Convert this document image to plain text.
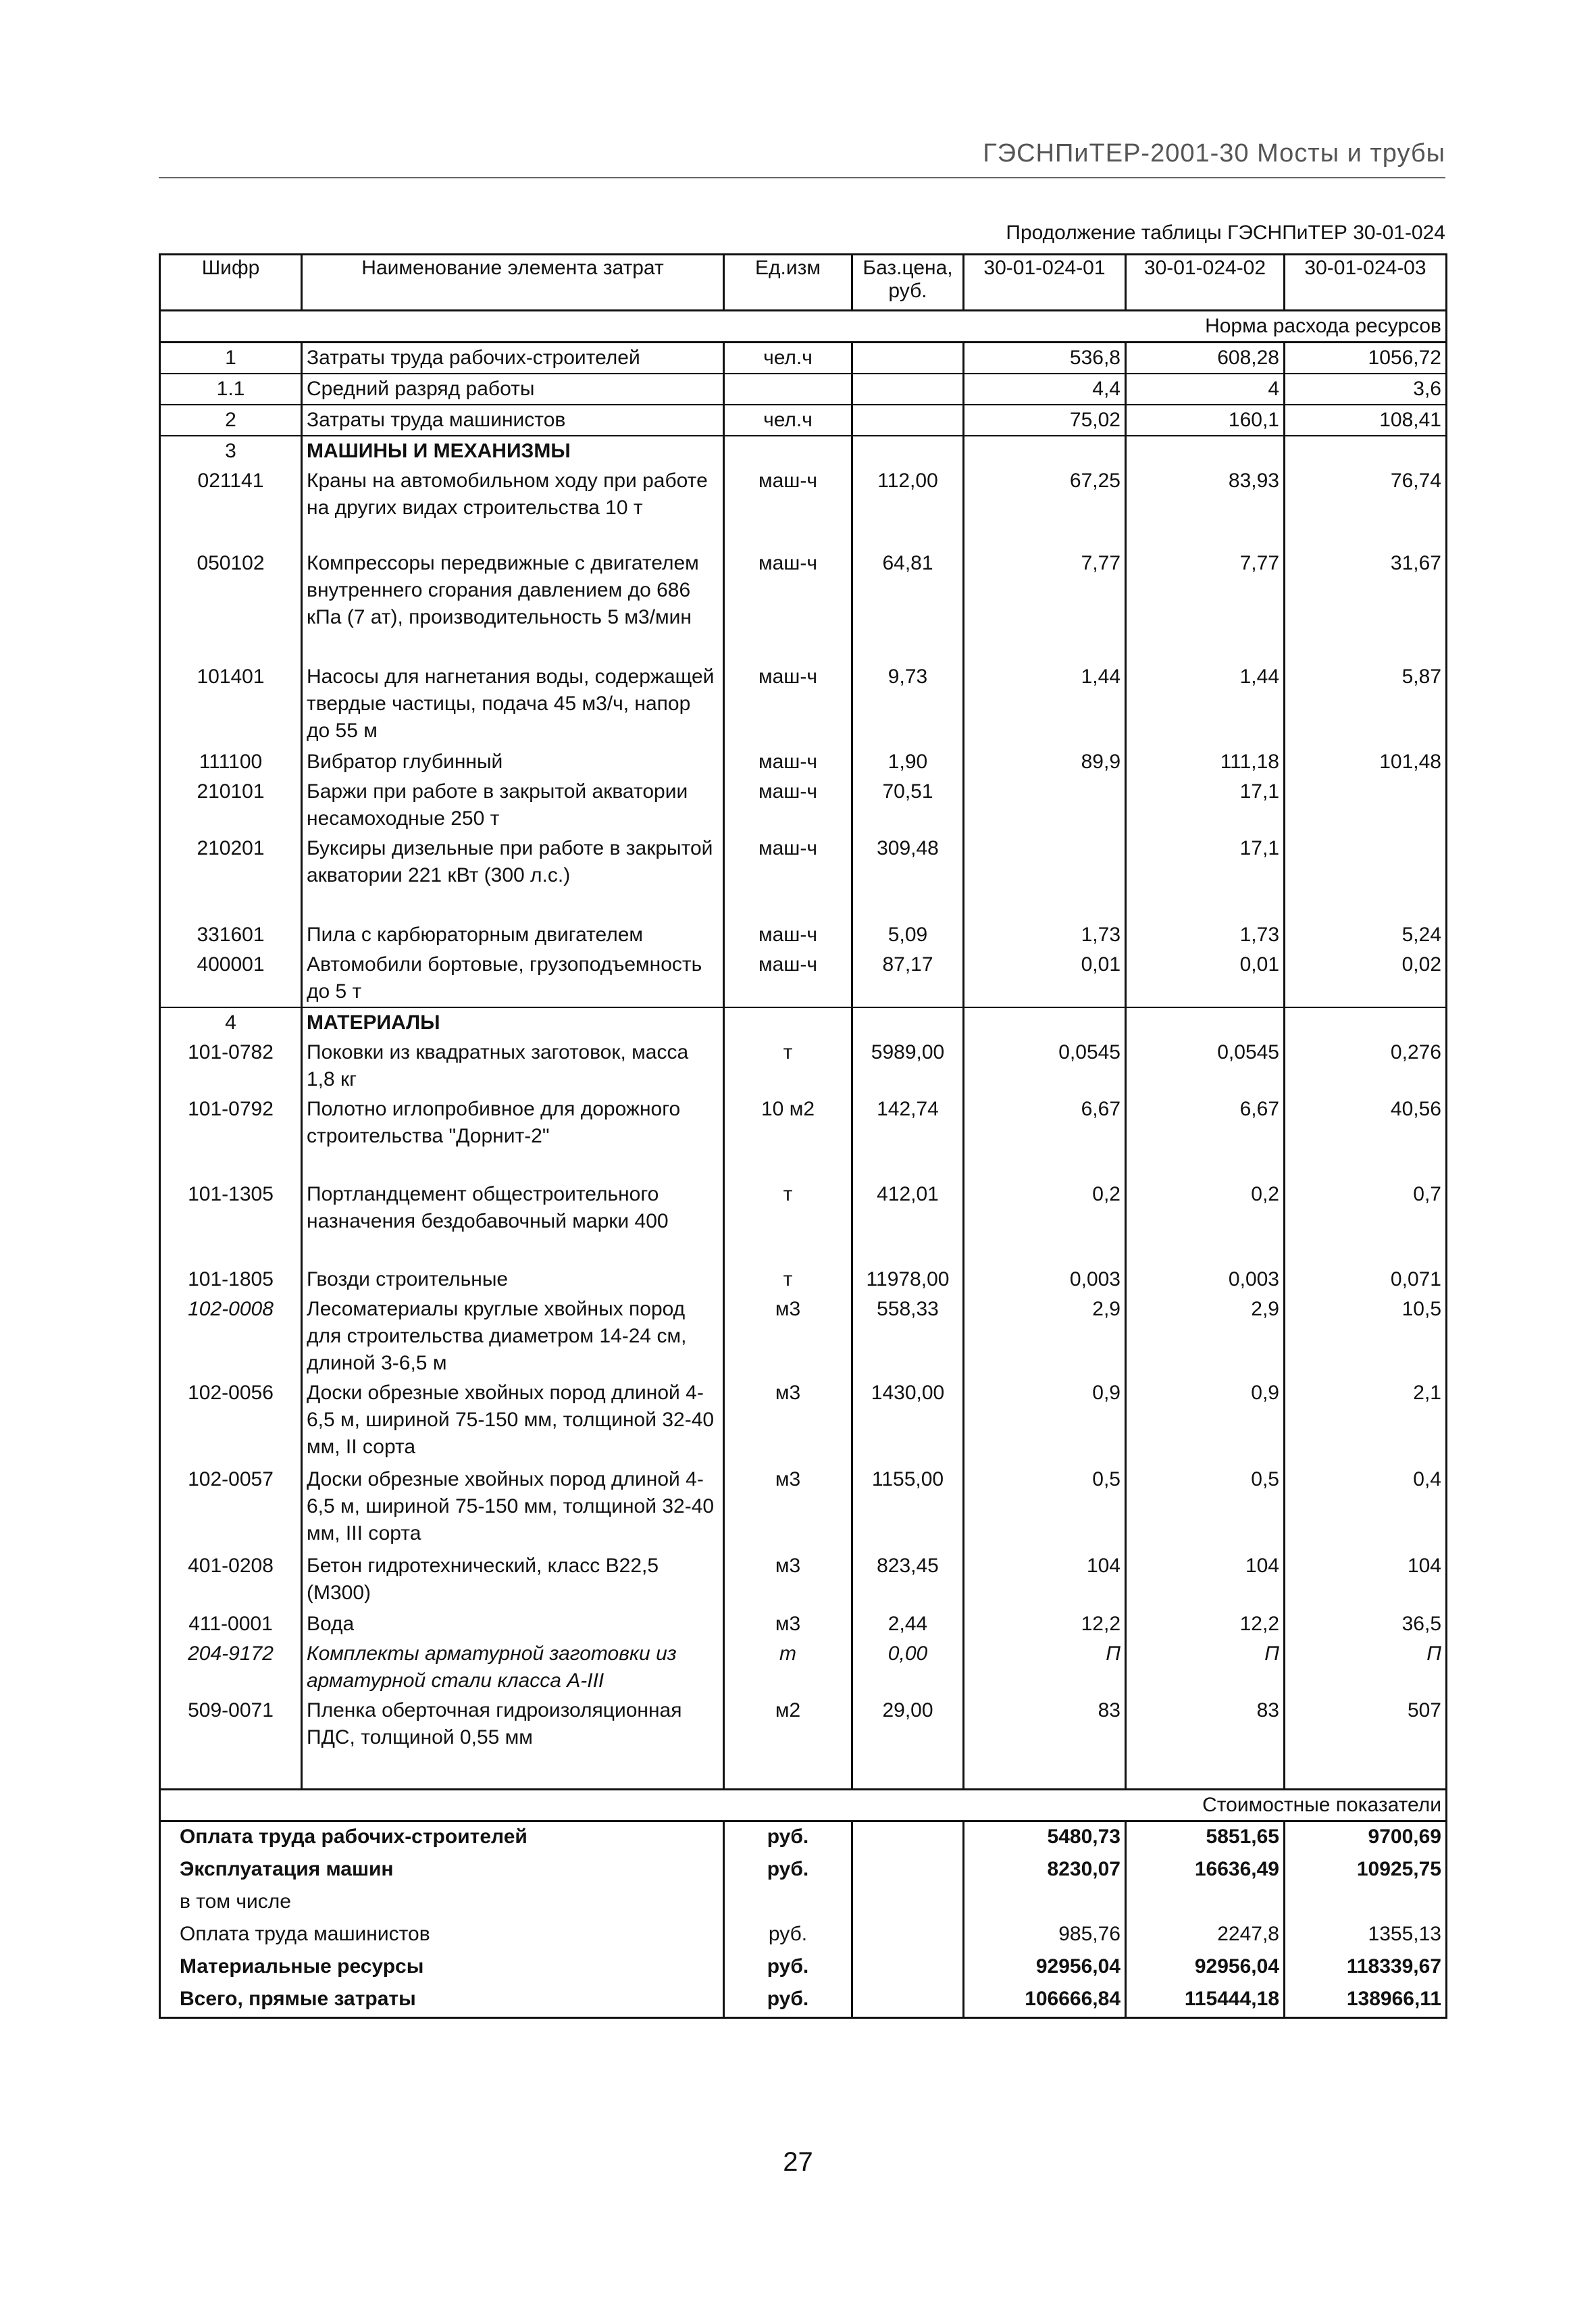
ГЭСНПиТЕР-2001-30 Мосты и трубы
Продолжение таблицы ГЭСНПиТЕР 30-01-024
Шифр	Наименование элемента затрат	Ед.изм	Баз.цена, руб.	30-01-024-01	30-01-024-02	30-01-024-03
					Норма расхода ресурсов	
1	Затраты труда рабочих-строителей	чел.ч		536,8	608,28	1056,72
1.1	Средний разряд работы			4,4	4	3,6
2	Затраты труда машинистов	чел.ч		75,02	160,1	108,41
3	МАШИНЫ И МЕХАНИЗМЫ					
021141	Краны на автомобильном ходу при работе на других видах строительства 10 т	маш-ч	112,00	67,25	83,93	76,74
050102	Компрессоры передвижные с двигателем внутреннего сгорания давлением до 686 кПа (7 ат), производительность 5 м3/мин	маш-ч	64,81	7,77	7,77	31,67
101401	Насосы для нагнетания воды, содержащей твердые частицы, подача 45 м3/ч, напор до 55 м	маш-ч	9,73	1,44	1,44	5,87
111100	Вибратор глубинный	маш-ч	1,90	89,9	111,18	101,48
210101	Баржи при работе в закрытой акватории несамоходные 250 т	маш-ч	70,51		17,1	
210201	Буксиры дизельные при работе в закрытой акватории 221 кВт (300 л.с.)	маш-ч	309,48		17,1	
331601	Пила с карбюраторным двигателем	маш-ч	5,09	1,73	1,73	5,24
400001	Автомобили бортовые, грузоподъемность до 5 т	маш-ч	87,17	0,01	0,01	0,02
4	МАТЕРИАЛЫ					
101-0782	Поковки из квадратных заготовок, масса 1,8 кг	т	5989,00	0,0545	0,0545	0,276
101-0792	Полотно иглопробивное для дорожного строительства "Дорнит-2"	10 м2	142,74	6,67	6,67	40,56
101-1305	Портландцемент общестроительного назначения бездобавочный марки 400	т	412,01	0,2	0,2	0,7
101-1805	Гвозди строительные	т	11978,00	0,003	0,003	0,071
102-0008	Лесоматериалы круглые хвойных пород для строительства диаметром 14-24 см, длиной 3-6,5 м	м3	558,33	2,9	2,9	10,5
102-0056	Доски обрезные хвойных пород длиной 4-6,5 м, шириной 75-150 мм, толщиной 32-40 мм, II сорта	м3	1430,00	0,9	0,9	2,1
102-0057	Доски обрезные хвойных пород длиной 4-6,5 м, шириной 75-150 мм, толщиной 32-40 мм, III сорта	м3	1155,00	0,5	0,5	0,4
401-0208	Бетон гидротехнический, класс В22,5 (М300)	м3	823,45	104	104	104
411-0001	Вода	м3	2,44	12,2	12,2	36,5
204-9172	Комплекты арматурной заготовки из арматурной стали класса А-III	т	0,00	П	П	П
509-0071	Пленка оберточная гидроизоляционная ПДС, толщиной 0,55 мм	м2	29,00	83	83	507

					Стоимостные показатели	
Оплата труда рабочих-строителей		руб.		5480,73	5851,65	9700,69
Эксплуатация машин		руб.		8230,07	16636,49	10925,75
в том числе						
Оплата труда машинистов		руб.		985,76	2247,8	1355,13
Материальные ресурсы		руб.		92956,04	92956,04	118339,67
Всего, прямые затраты		руб.		106666,84	115444,18	138966,11
27
